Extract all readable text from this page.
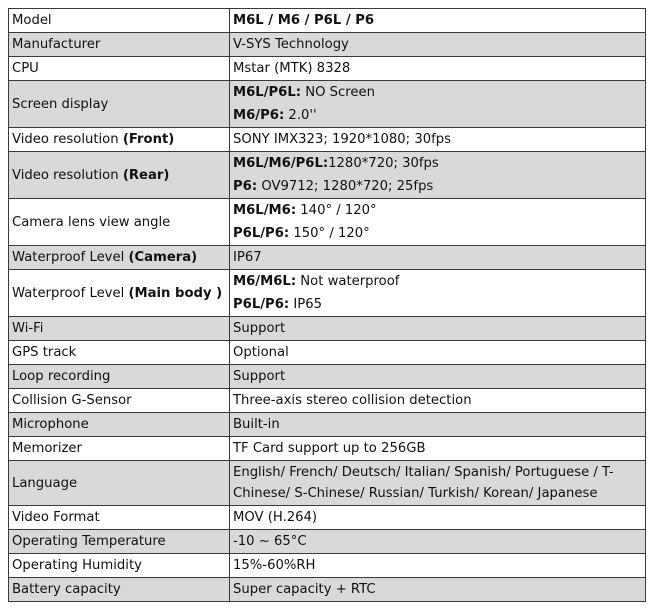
Model	M6L / M6 / P6L / P6
Manufacturer	V-SYS Technology
CPU	Mstar (MTK) 8328
Screen display	M6L/P6L: NO Screen
M6/P6: 2.0''

Video resolution (Front)	SONY IMX323; 1920*1080; 30fps
Video resolution (Rear)	M6L/M6/P6L:1280*720; 30fps
P6: OV9712; 1280*720; 25fps

Camera lens view angle	M6L/M6: 140° / 120°
P6L/P6: 150° / 120°

Waterproof Level (Camera)	IP67
Waterproof Level (Main body )	M6/M6L: Not waterproof
P6L/P6: IP65

Wi-Fi	Support
GPS track	Optional
Loop recording	Support
Collision G-Sensor	Three-axis stereo collision detection
Microphone	Built-in
Memorizer	TF Card support up to 256GB
Language	English/ French/ Deutsch/ Italian/ Spanish/ Portuguese / T-Chinese/ S-Chinese/ Russian/ Turkish/ Korean/ Japanese
Video Format	MOV (H.264)
Operating Temperature	-10 ~ 65°C
Operating Humidity	15%-60%RH
Battery capacity	Super capacity + RTC
